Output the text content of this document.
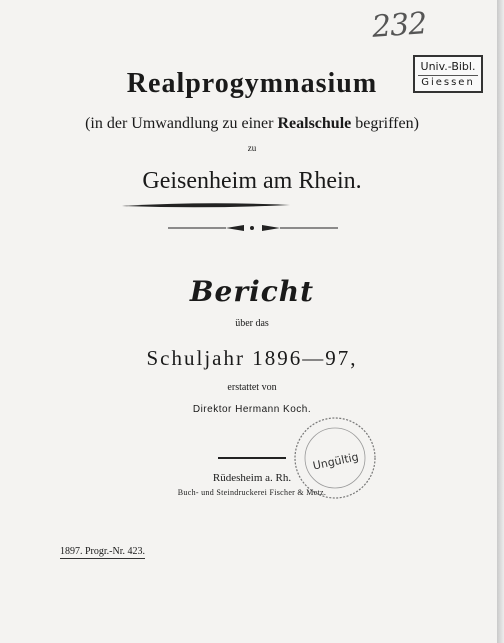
232
Univ.-Bibl.
Giessen
Realprogymnasium
(in der Umwandlung zu einer Realschule begriffen)
zu
Geisenheim am Rhein.
Bericht
über das
Schuljahr 1896—97,
erstattet von
Direktor Hermann Koch.
Ungültig
Rüdesheim a. Rh.
Buch- und Steindruckerei Fischer & Metz.
1897. Progr.-Nr. 423.
